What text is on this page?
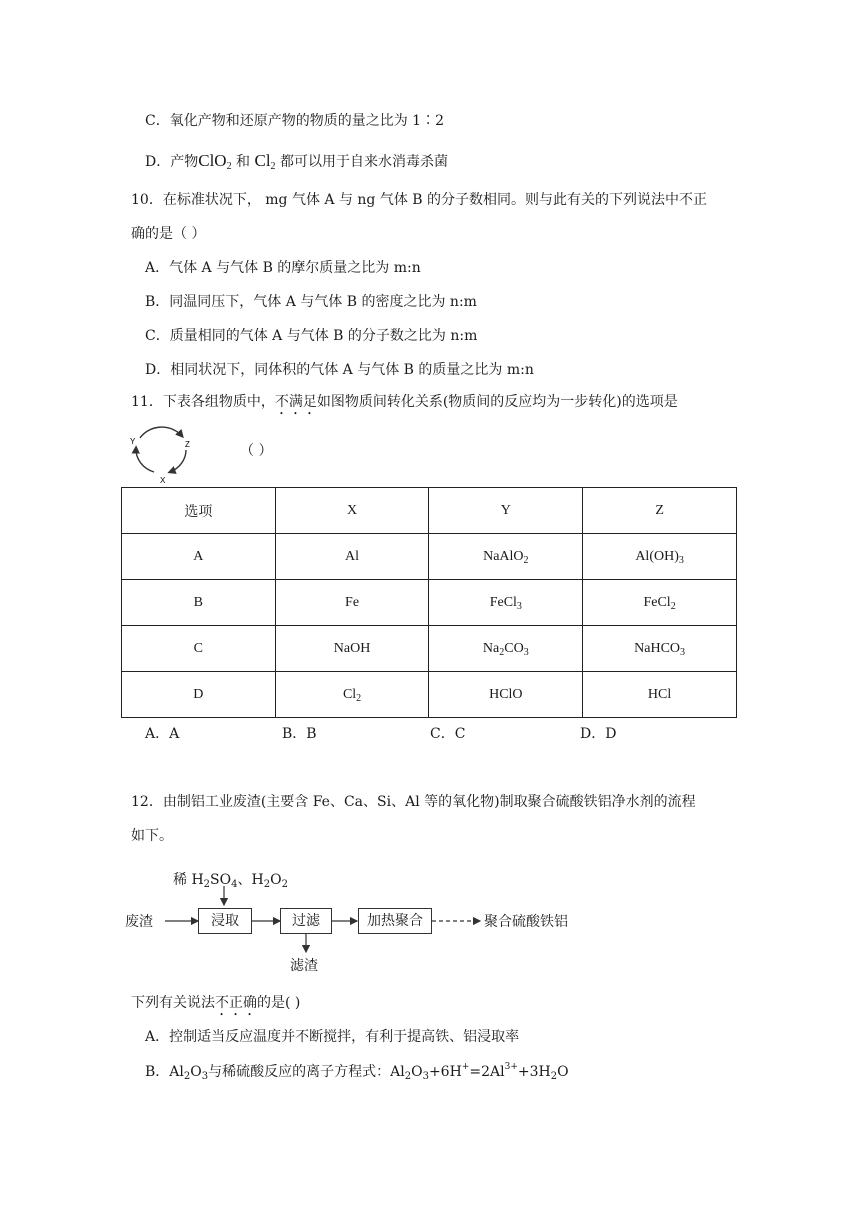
C．氧化产物和还原产物的物质的量之比为 1∶2
D．产物ClO$_2$ 和 $Cl_2$ 都可以用于自来水消毒杀菌
10．在标准状况下， mg 气体 A 与 ng 气体 B 的分子数相同。则与此有关的下列说法中不正
确的是（ ）
A．气体 A 与气体 B 的摩尔质量之比为 m:n
B．同温同压下，气体 A 与气体 B 的密度之比为 n:m
C．质量相同的气体 A 与气体 B 的分子数之比为 n:m
D．相同状况下，同体积的气体 A 与气体 B 的质量之比为 m:n
11．下表各组物质中，不满足如图物质间转化关系(物质间的反应均为一步转化)的选项是
Y	Z
X
（ ）
选项	X	Y	Z
A	Al	NaAlO$_2$	$Al(OH)_3$
B	Fe	FeCl$_3$	FeCl$_2$
C	NaOH	$Na_2CO_3$	NaHCO$_3$
D	$Cl_2$	HClO	HCl
A．A	B．B	C．C	D．D
12．由制铝工业废渣(主要含 Fe、Ca、Si、Al 等的氧化物)制取聚合硫酸铁铝净水剂的流程
如下。
稀 $H_2SO_4$、$H_2O_2$
废渣	浸取	过滤	加热聚合	聚合硫酸铁铝
滤渣
下列有关说法不正确的是( )
A．控制适当反应温度并不断搅拌，有利于提高铁、铝浸取率
B．$Al_2O_3$与稀硫酸反应的离子方程式：$Al_2O_3+6H^+=2Al^{3+}+3H_2O$
